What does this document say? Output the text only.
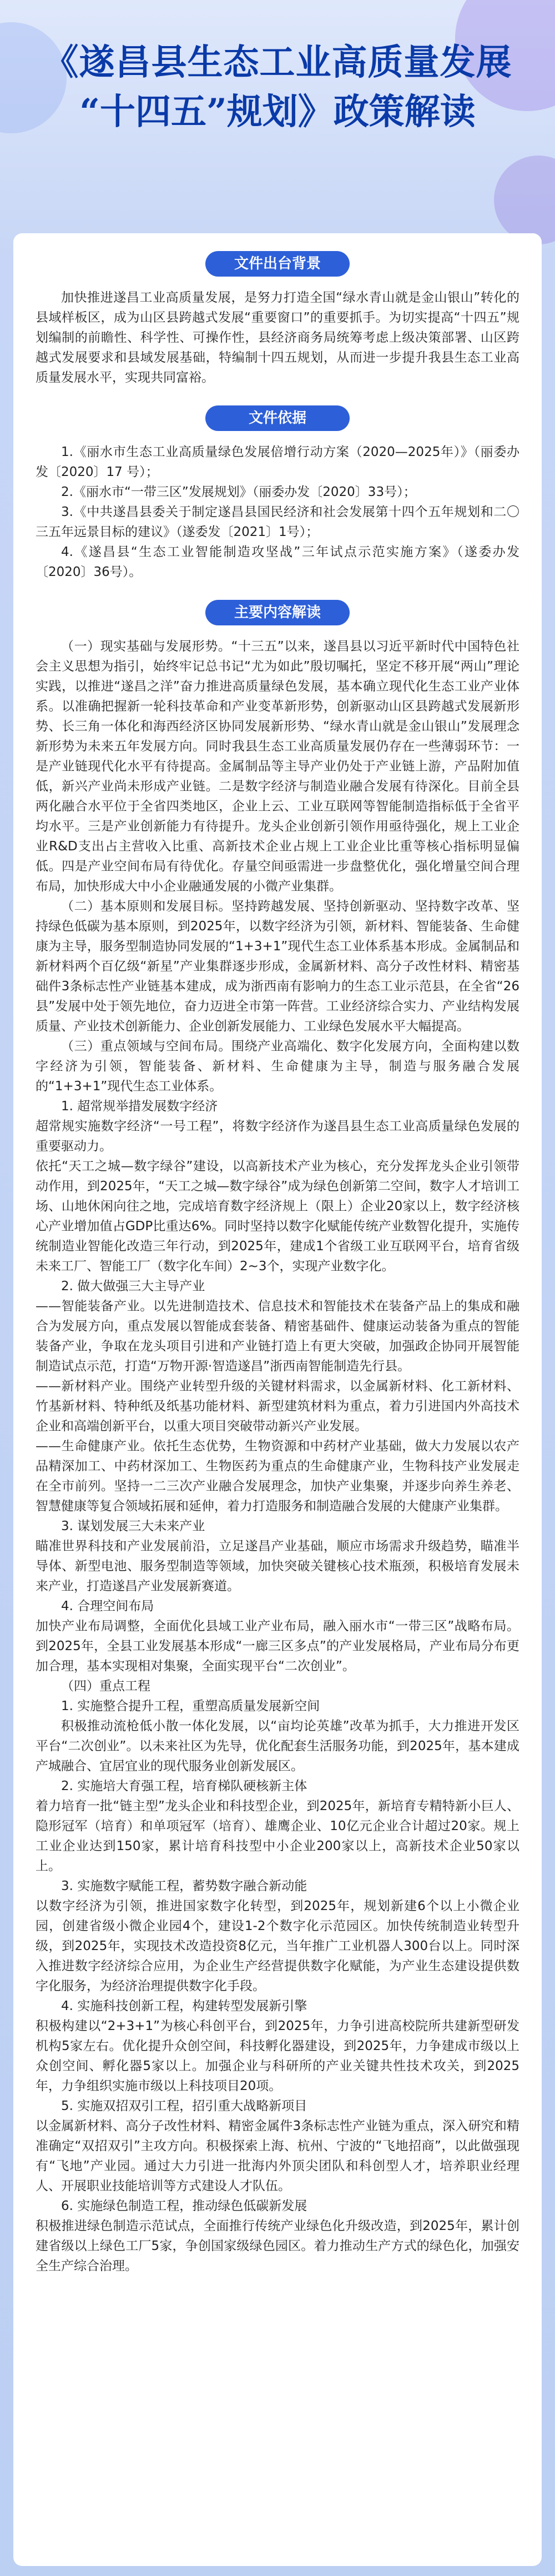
《遂昌县生态工业高质量发展
“十四五”规划》政策解读
文件出台背景

加快推进遂昌工业高质量发展，是努力打造全国“绿水青山就是金山银山”转化的县域样板区，成为山区县跨越式发展“重要窗口”的重要抓手。为切实提高“十四五”规划编制的前瞻性、科学性、可操作性，县经济商务局统筹考虑上级决策部署、山区跨越式发展要求和县域发展基础，特编制十四五规划，从而进一步提升我县生态工业高质量发展水平，实现共同富裕。

文件依据

1.《丽水市生态工业高质量绿色发展倍增行动方案（2020—2025年）》（丽委办发〔2020〕17 号）；

2.《丽水市“一带三区”发展规划》（丽委办发〔2020〕33号）；

3.《中共遂昌县委关于制定遂昌县国民经济和社会发展第十四个五年规划和二〇三五年远景目标的建议》（遂委发〔2021〕1号）；

4.《遂昌县“生态工业智能制造攻坚战”三年试点示范实施方案》（遂委办发〔2020〕36号）。

主要内容解读

（一）现实基础与发展形势。“十三五”以来，遂昌县以习近平新时代中国特色社会主义思想为指引，始终牢记总书记“尤为如此”殷切嘱托，坚定不移开展“两山”理论实践，以推进“遂昌之洋”奋力推进高质量绿色发展，基本确立现代化生态工业产业体系。以准确把握新一轮科技革命和产业变革新形势，创新驱动山区县跨越式发展新形势、长三角一体化和海西经济区协同发展新形势、“绿水青山就是金山银山”发展理念新形势为未来五年发展方向。同时我县生态工业高质量发展仍存在一些薄弱环节：一是产业链现代化水平有待提高。金属制品等主导产业仍处于产业链上游，产品附加值低，新兴产业尚未形成产业链。二是数字经济与制造业融合发展有待深化。目前全县两化融合水平位于全省四类地区，企业上云、工业互联网等智能制造指标低于全省平均水平。三是产业创新能力有待提升。龙头企业创新引领作用亟待强化，规上工业企业R&D支出占主营收入比重、高新技术企业占规上工业企业比重等核心指标明显偏低。四是产业空间布局有待优化。存量空间亟需进一步盘整优化，强化增量空间合理布局，加快形成大中小企业融通发展的小微产业集群。

（二）基本原则和发展目标。坚持跨越发展、坚持创新驱动、坚持数字改革、坚持绿色低碳为基本原则，到2025年，以数字经济为引领，新材料、智能装备、生命健康为主导，服务型制造协同发展的“1+3+1”现代生态工业体系基本形成。金属制品和新材料两个百亿级“新星”产业集群逐步形成，金属新材料、高分子改性材料、精密基础件3条标志性产业链基本建成，成为浙西南有影响力的生态工业示范县，在全省“26县”发展中处于领先地位，奋力迈进全市第一阵营。工业经济综合实力、产业结构发展质量、产业技术创新能力、企业创新发展能力、工业绿色发展水平大幅提高。

（三）重点领域与空间布局。围绕产业高端化、数字化发展方向，全面构建以数字经济为引领，智能装备、新材料、生命健康为主导，制造与服务融合发展的“1+3+1”现代生态工业体系。

1. 超常规举措发展数字经济

超常规实施数字经济“一号工程”，将数字经济作为遂昌县生态工业高质量绿色发展的重要驱动力。

依托“天工之城—数字绿谷”建设，以高新技术产业为核心，充分发挥龙头企业引领带动作用，到2025年，“天工之城—数字绿谷”成为绿色创新第二空间，数字人才培训工场、山地休闲向往之地，完成培育数字经济规上（限上）企业20家以上，数字经济核心产业增加值占GDP比重达6%。同时坚持以数字化赋能传统产业数智化提升，实施传统制造业智能化改造三年行动，到2025年，建成1个省级工业互联网平台，培育省级未来工厂、智能工厂（数字化车间）2~3个，实现产业数字化。

2. 做大做强三大主导产业

——智能装备产业。以先进制造技术、信息技术和智能技术在装备产品上的集成和融合为发展方向，重点发展以智能成套装备、精密基础件、健康运动装备为重点的智能装备产业，争取在龙头项目引进和产业链打造上有更大突破，加强政企协同开展智能制造试点示范，打造“万物开源·智造遂昌”浙西南智能制造先行县。

——新材料产业。围绕产业转型升级的关键材料需求，以金属新材料、化工新材料、竹基新材料、特种纸及纸基功能材料、新型建筑材料为重点，着力引进国内外高技术企业和高端创新平台，以重大项目突破带动新兴产业发展。

——生命健康产业。依托生态优势，生物资源和中药材产业基础，做大力发展以农产品精深加工、中药材深加工、生物医药为重点的生命健康产业，生物科技产业发展走在全市前列。坚持一二三次产业融合发展理念，加快产业集聚，并逐步向养生养老、智慧健康等复合领域拓展和延伸，着力打造服务和制造融合发展的大健康产业集群。

3. 谋划发展三大未来产业

瞄准世界科技和产业发展前沿，立足遂昌产业基础，顺应市场需求升级趋势，瞄准半导体、新型电池、服务型制造等领域，加快突破关键核心技术瓶颈，积极培育发展未来产业，打造遂昌产业发展新赛道。

4. 合理空间布局

加快产业布局调整，全面优化县域工业产业布局，融入丽水市“一带三区”战略布局。到2025年，全县工业发展基本形成“一廊三区多点”的产业发展格局，产业布局分布更加合理，基本实现相对集聚，全面实现平台“二次创业”。

（四）重点工程

1. 实施整合提升工程，重塑高质量发展新空间

积极推动流枪低小散一体化发展，以“亩均论英雄”改革为抓手，大力推进开发区平台“二次创业”。以未来社区为先导，优化配套生活服务功能，到2025年，基本建成产城融合、宜居宜业的现代服务业创新发展区。

2. 实施培大育强工程，培育梯队硬核新主体

着力培育一批“链主型”龙头企业和科技型企业，到2025年，新培育专精特新小巨人、隐形冠军（培育）和单项冠军（培育）、雄鹰企业、10亿元企业合计超过20家。规上工业企业达到150家，累计培育科技型中小企业200家以上，高新技术企业50家以上。

3. 实施数字赋能工程，蓄势数字融合新动能

以数字经济为引领，推进国家数字化转型，到2025年，规划新建6个以上小微企业园，创建省级小微企业园4个，建设1-2个数字化示范园区。加快传统制造业转型升级，到2025年，实现技术改造投资8亿元，当年推广工业机器人300台以上。同时深入推进数字经济综合应用，为企业生产经营提供数字化赋能，为产业生态建设提供数字化服务，为经济治理提供数字化手段。

4. 实施科技创新工程，构建转型发展新引擎

积极构建以“2+3+1”为核心科创平台，到2025年，力争引进高校院所共建新型研发机构5家左右。优化提升众创空间，科技孵化器建设，到2025年，力争建成市级以上众创空间、孵化器5家以上。加强企业与科研所的产业关键共性技术攻关，到2025年，力争组织实施市级以上科技项目20项。

5. 实施双招双引工程，招引重大战略新项目

以金属新材料、高分子改性材料、精密金属件3条标志性产业链为重点，深入研究和精准确定“双招双引”主攻方向。积极探索上海、杭州、宁波的“飞地招商”，以此做强现有“飞地”产业园。通过大力引进一批海内外顶尖团队和科创型人才，培养职业经理人、开展职业技能培训等方式建设人才队伍。

6. 实施绿色制造工程，推动绿色低碳新发展

积极推进绿色制造示范试点，全面推行传统产业绿色化升级改造，到2025年，累计创建省级以上绿色工厂5家，争创国家级绿色园区。着力推动生产方式的绿色化，加强安全生产综合治理。
